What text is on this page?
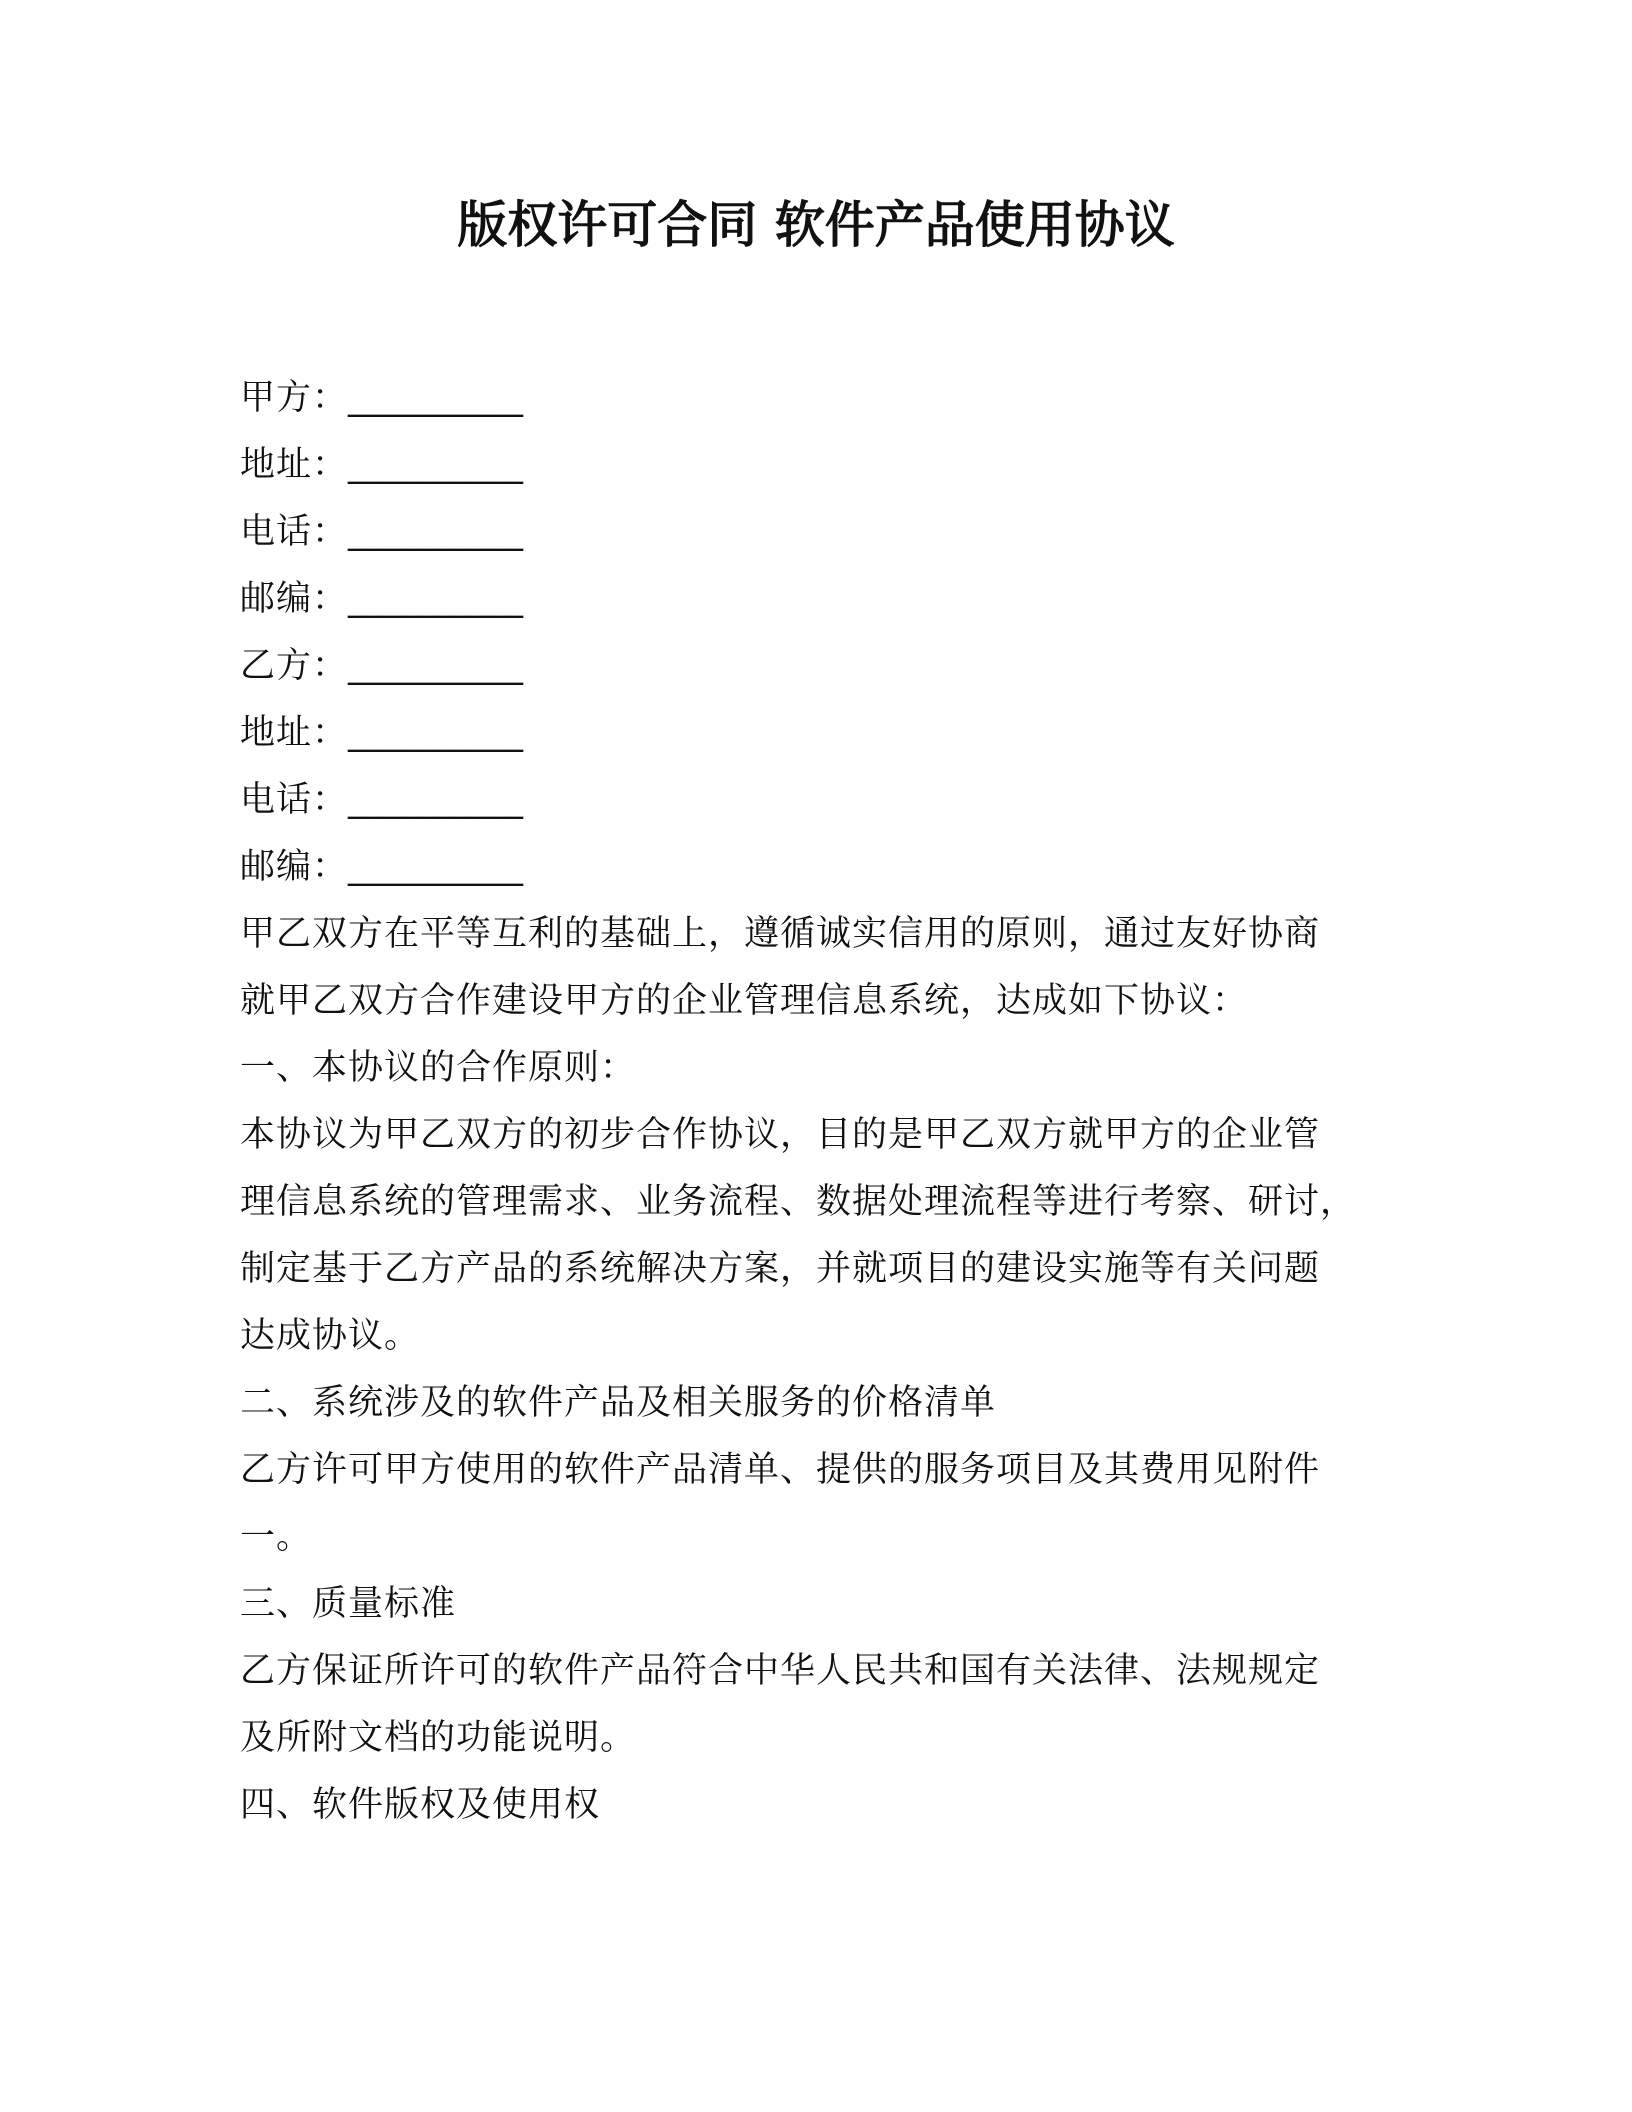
版权许可合同 软件产品使用协议
甲方： __________
地址： __________
电话： __________
邮编： __________
乙方： __________
地址： __________
电话： __________
邮编： __________
甲乙双方在平等互利的基础上，遵循诚实信用的原则，通过友好协商
就甲乙双方合作建设甲方的企业管理信息系统，达成如下协议：
一、本协议的合作原则：
本协议为甲乙双方的初步合作协议，目的是甲乙双方就甲方的企业管
理信息系统的管理需求、业务流程、数据处理流程等进行考察、研讨，
制定基于乙方产品的系统解决方案，并就项目的建设实施等有关问题
达成协议。
二、系统涉及的软件产品及相关服务的价格清单
乙方许可甲方使用的软件产品清单、提供的服务项目及其费用见附件
一。
三、质量标准
乙方保证所许可的软件产品符合中华人民共和国有关法律、法规规定
及所附文档的功能说明。
四、软件版权及使用权
